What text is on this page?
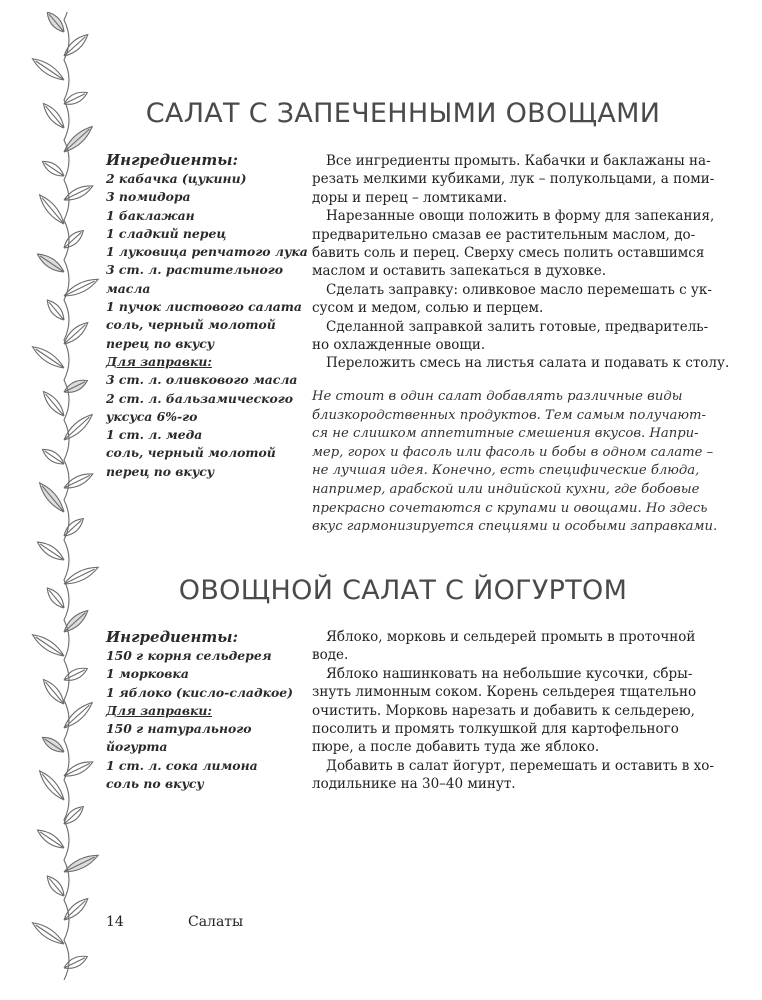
САЛАТ С ЗАПЕЧЕННЫМИ ОВОЩАМИ
Ингредиенты:
2 кабачка (цукини)
3 помидора
1 баклажан
1 сладкий перец
1 луковица репчатого лука
3 ст. л. растительного
масла
1 пучок листового салата
соль, черный молотой
перец по вкусу
Для заправки:
3 ст. л. оливкового масла
2 ст. л. бальзамического
уксуса 6%-го
1 ст. л. меда
соль, черный молотой
перец по вкусу
Все ингредиенты промыть. Кабачки и баклажаны на-
резать мелкими кубиками, лук – полукольцами, а поми-
доры и перец – ломтиками.
Нарезанные овощи положить в форму для запекания,
предварительно смазав ее растительным маслом, до-
бавить соль и перец. Сверху смесь полить оставшимся
маслом и оставить запекаться в духовке.
Сделать заправку: оливковое масло перемешать с ук-
сусом и медом, солью и перцем.
Сделанной заправкой залить готовые, предваритель-
но охлажденные овощи.
Переложить смесь на листья салата и подавать к столу.
Не стоит в один салат добавлять различные виды
близкородственных продуктов. Тем самым получают-
ся не слишком аппетитные смешения вкусов. Напри-
мер, горох и фасоль или фасоль и бобы в одном салате –
не лучшая идея. Конечно, есть специфические блюда,
например, арабской или индийской кухни, где бобовые
прекрасно сочетаются с крупами и овощами. Но здесь
вкус гармонизируется специями и особыми заправками.
ОВОЩНОЙ САЛАТ С ЙОГУРТОМ
Ингредиенты:
150 г корня сельдерея
1 морковка
1 яблоко (кисло-сладкое)
Для заправки:
150 г натурального
йогурта
1 ст. л. сока лимона
соль по вкусу
Яблоко, морковь и сельдерей промыть в проточной
воде.
Яблоко нашинковать на небольшие кусочки, сбры-
знуть лимонным соком. Корень сельдерея тщательно
очистить. Морковь нарезать и добавить к сельдерею,
посолить и промять толкушкой для картофельного
пюре, а после добавить туда же яблоко.
Добавить в салат йогурт, перемешать и оставить в хо-
лодильнике на 30–40 минут.
14	Салаты
